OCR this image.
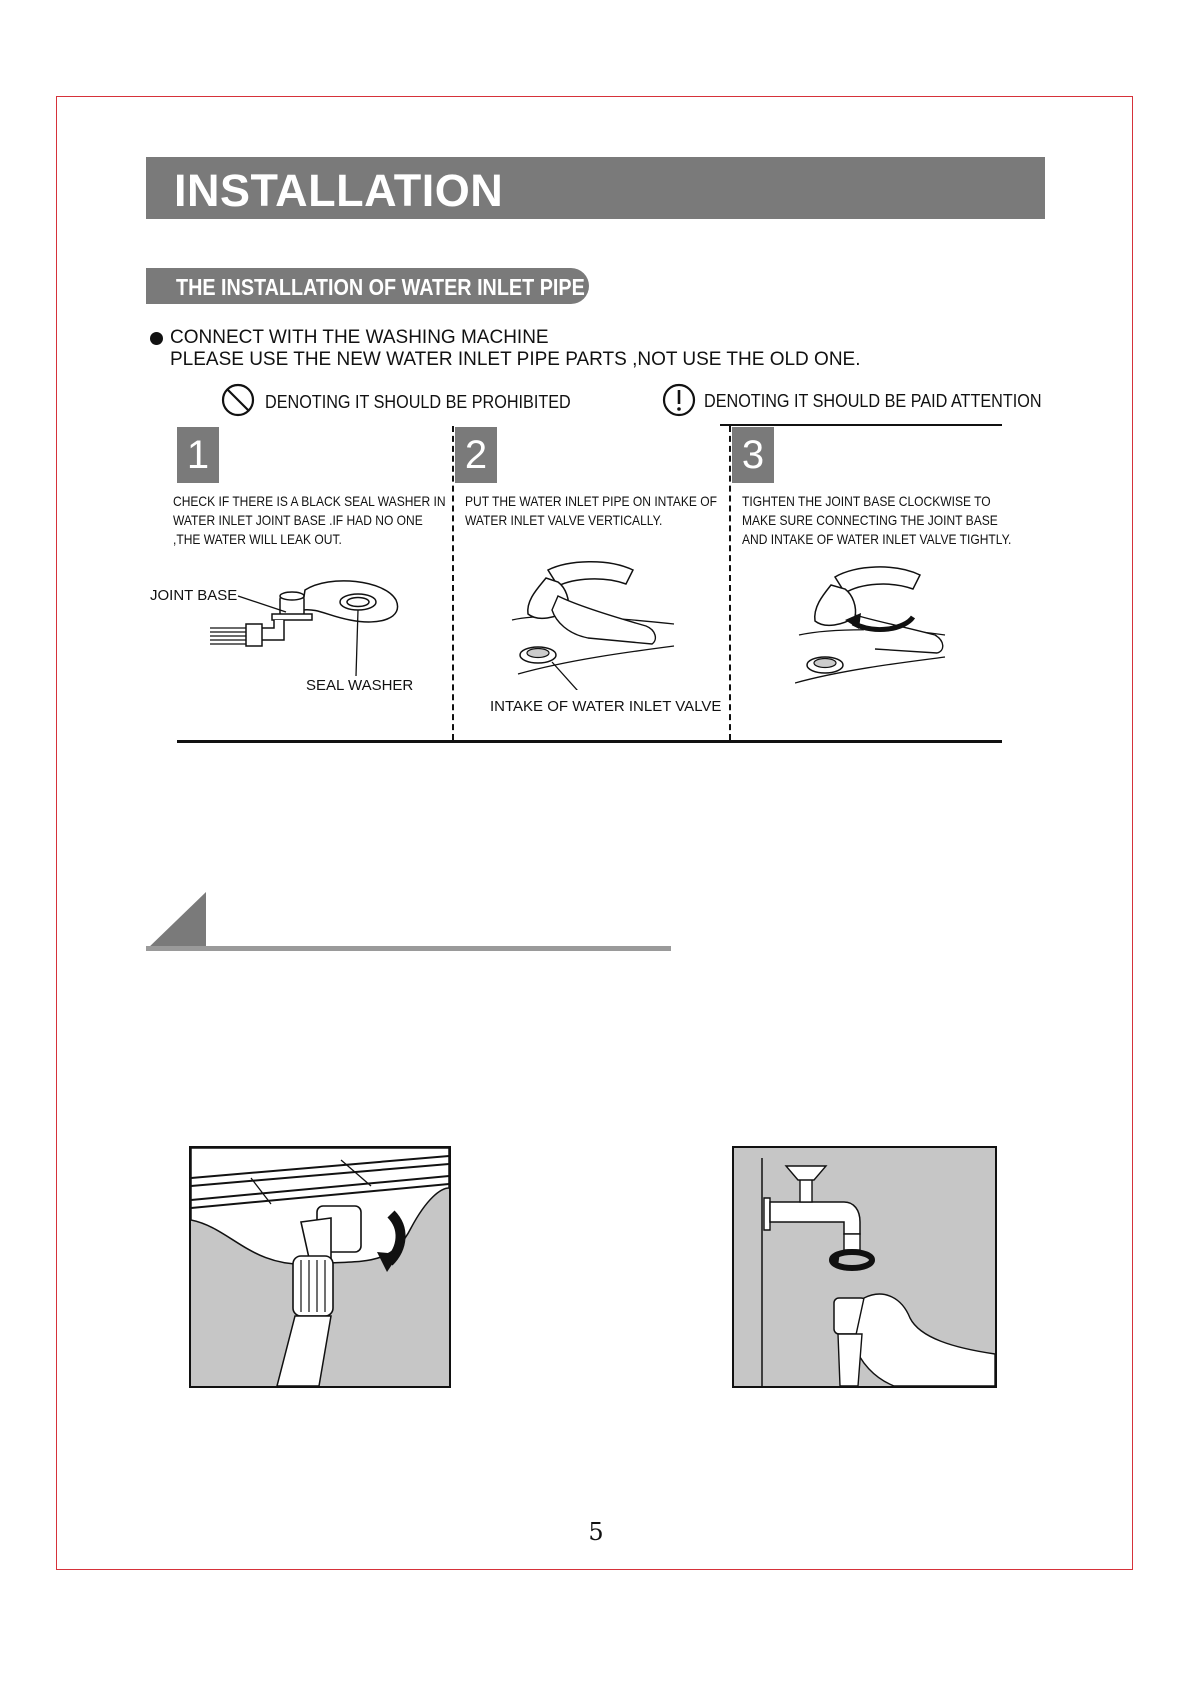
INSTALLATION
THE INSTALLATION OF WATER INLET PIPE
CONNECT WITH THE WASHING MACHINE
PLEASE USE THE NEW WATER INLET PIPE PARTS ,NOT USE THE OLD ONE.
DENOTING IT SHOULD BE PROHIBITED	DENOTING IT SHOULD BE PAID ATTENTION
1
CHECK IF THERE IS A BLACK SEAL WASHER IN WATER INLET JOINT BASE .IF HAD NO ONE ,THE WATER WILL LEAK OUT.
2
PUT THE WATER INLET PIPE ON INTAKE OF WATER INLET VALVE VERTICALLY.
3
TIGHTEN THE JOINT BASE CLOCKWISE TO MAKE SURE CONNECTING THE JOINT BASE AND INTAKE OF WATER INLET VALVE TIGHTLY.
JOINT BASE
SEAL WASHER
INTAKE OF WATER INLET VALVE
5
